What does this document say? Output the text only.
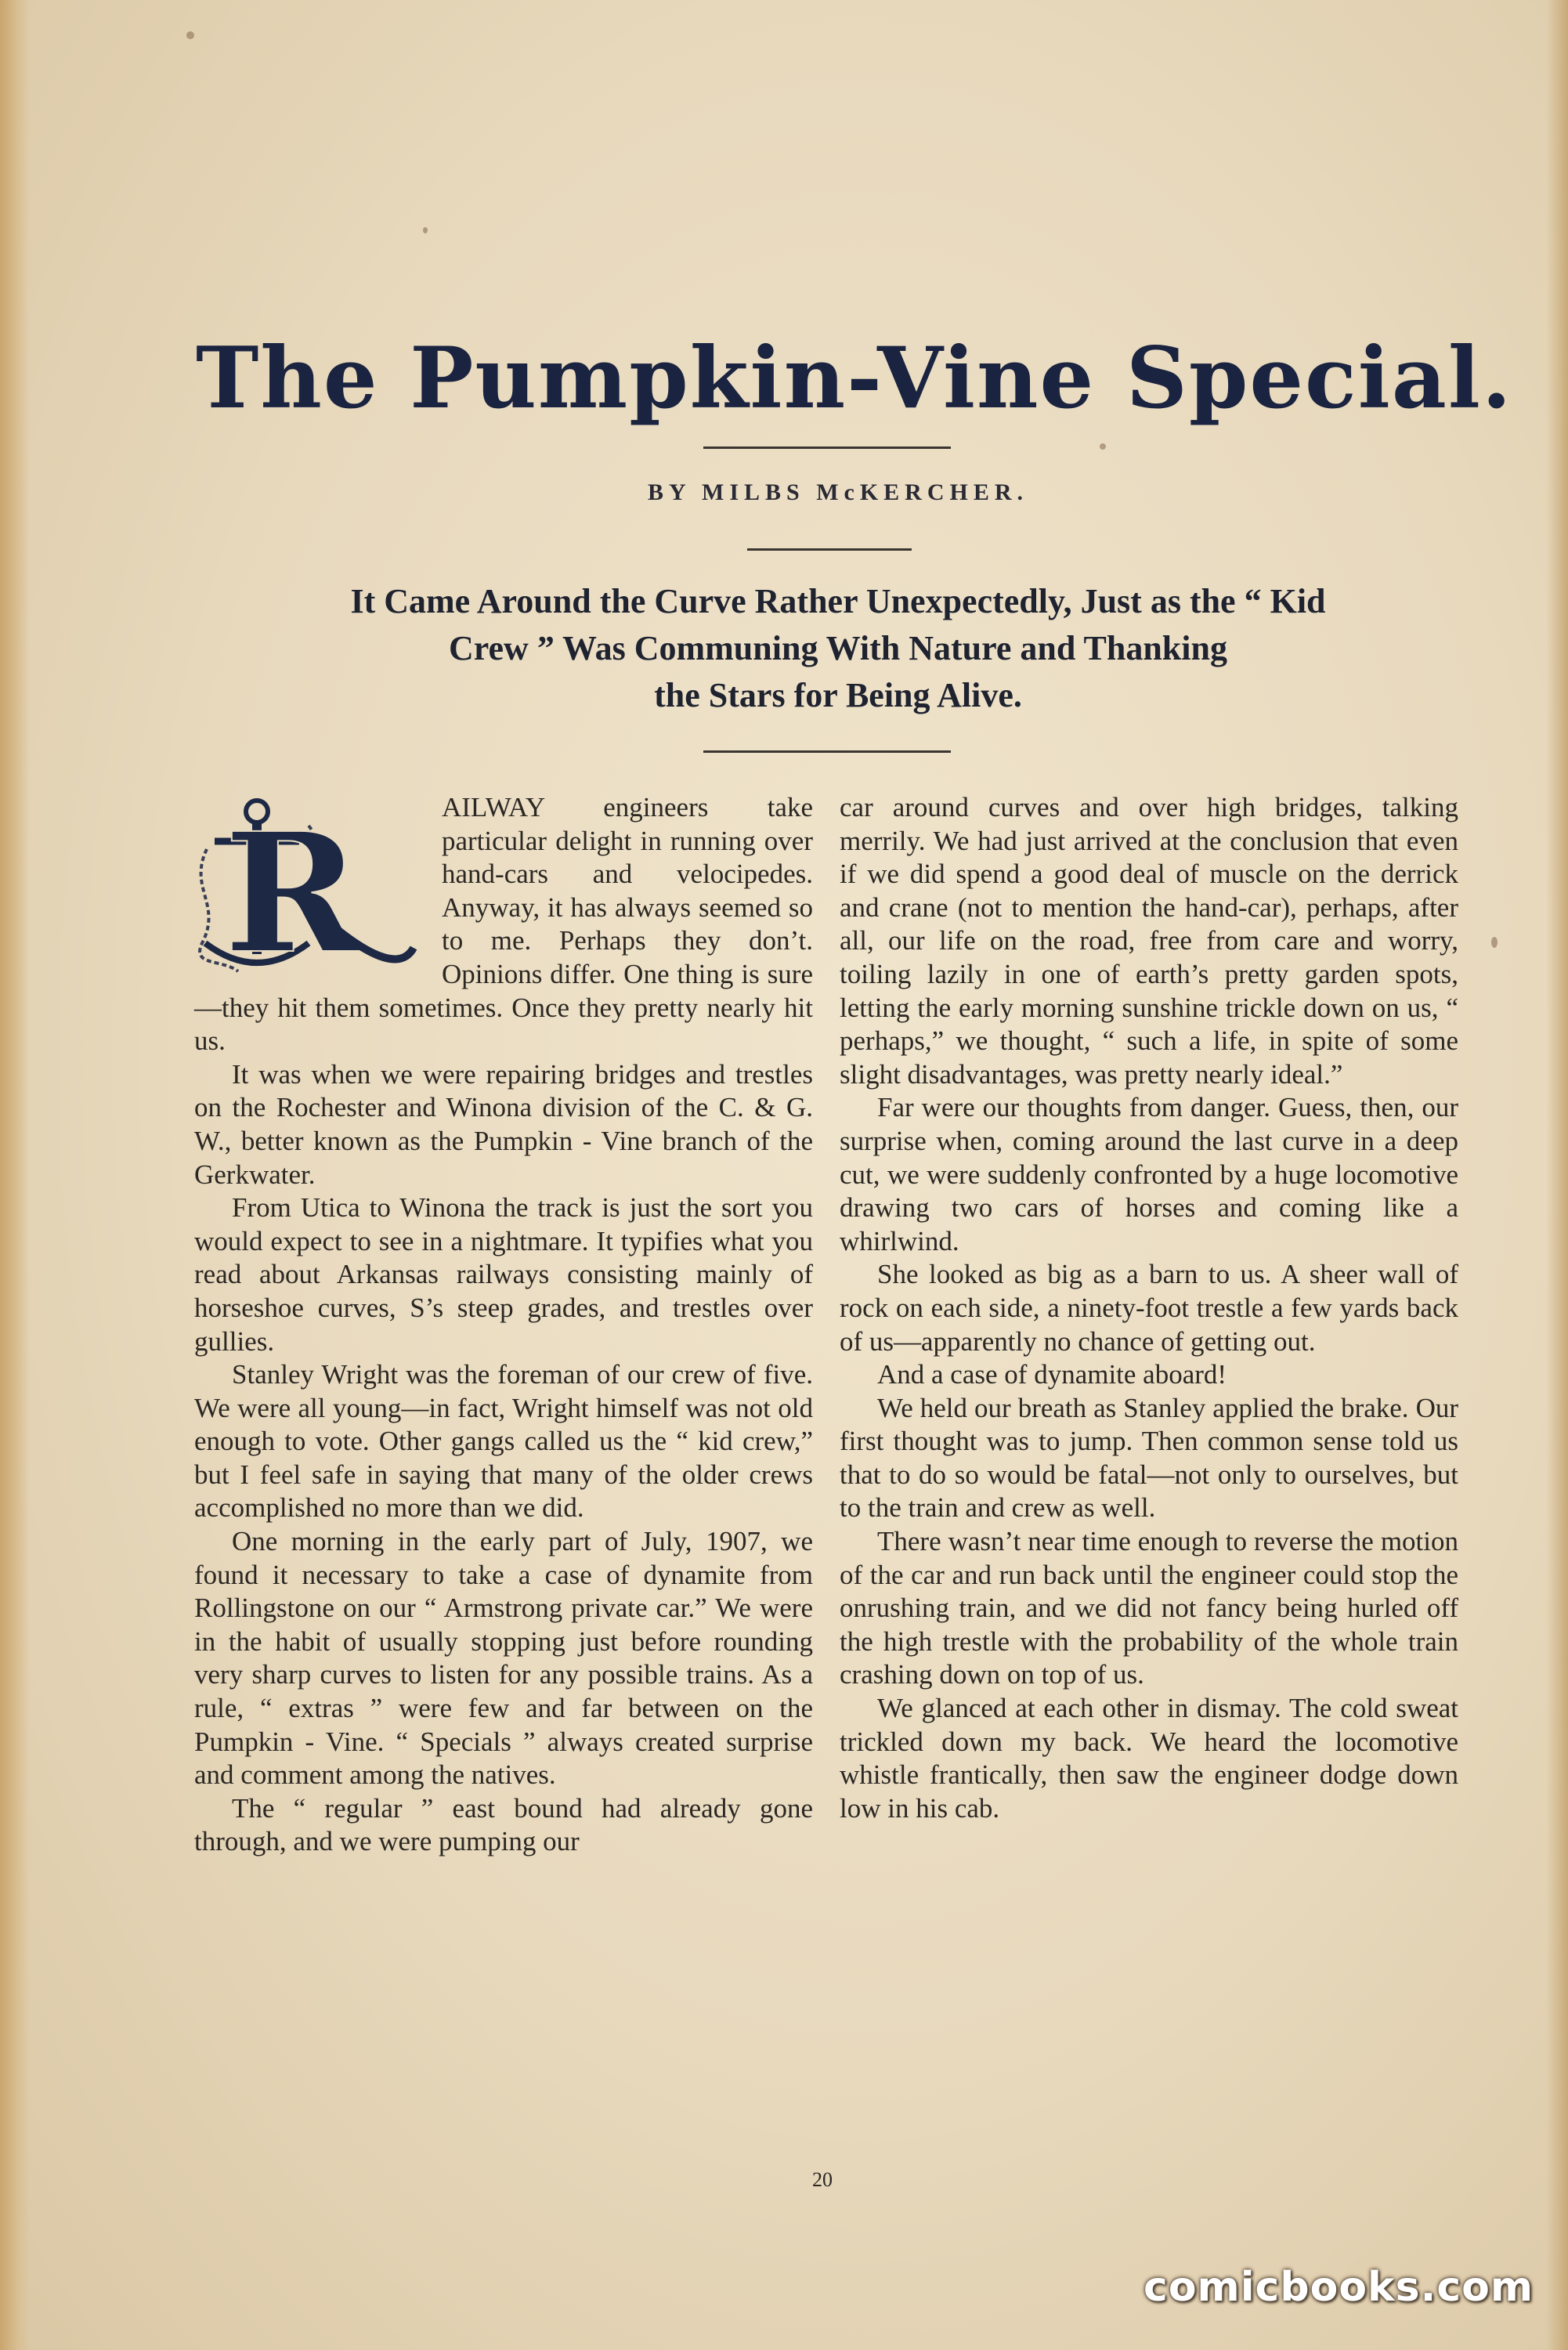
The Pumpkin-Vine Special.
BY MILBS McKERCHER.
It Came Around the Curve Rather Unexpectedly, Just as the “ Kid
Crew ” Was Communing With Nature and Thanking
the Stars for Being Alive.
R	AILWAY engineers take particular delight in running over hand-cars and velocipedes. Anyway, it has always seemed so to me. Perhaps they don’t. Opinions differ. One thing is sure—they hit them sometimes. Once they pretty nearly hit us.

It was when we were repairing bridges and trestles on the Rochester and Winona division of the C. & G. W., better known as the Pumpkin - Vine branch of the Gerkwater.

From Utica to Winona the track is just the sort you would expect to see in a nightmare. It typifies what you read about Arkansas railways consisting mainly of horseshoe curves, S’s steep grades, and trestles over gullies.

Stanley Wright was the foreman of our crew of five. We were all young—in fact, Wright himself was not old enough to vote. Other gangs called us the “ kid crew,” but I feel safe in saying that many of the older crews accomplished no more than we did.

One morning in the early part of July, 1907, we found it necessary to take a case of dynamite from Rollingstone on our “ Armstrong private car.” We were in the habit of usually stopping just before rounding very sharp curves to listen for any possible trains. As a rule, “ extras ” were few and far between on the Pumpkin - Vine. “ Specials ” always created surprise and comment among the natives.

The “ regular ” east bound had already gone through, and we were pumping our

car around curves and over high bridges, talking merrily. We had just arrived at the conclusion that even if we did spend a good deal of muscle on the derrick and crane (not to mention the hand-car), perhaps, after all, our life on the road, free from care and worry, toiling lazily in one of earth’s pretty garden spots, letting the early morning sunshine trickle down on us, “ perhaps,” we thought, “ such a life, in spite of some slight disadvantages, was pretty nearly ideal.”

Far were our thoughts from danger. Guess, then, our surprise when, coming around the last curve in a deep cut, we were suddenly confronted by a huge locomotive drawing two cars of horses and coming like a whirlwind.

She looked as big as a barn to us. A sheer wall of rock on each side, a ninety-foot trestle a few yards back of us—apparently no chance of getting out.

And a case of dynamite aboard!

We held our breath as Stanley applied the brake. Our first thought was to jump. Then common sense told us that to do so would be fatal—not only to ourselves, but to the train and crew as well.

There wasn’t near time enough to reverse the motion of the car and run back until the engineer could stop the onrushing train, and we did not fancy being hurled off the high trestle with the probability of the whole train crashing down on top of us.

We glanced at each other in dismay. The cold sweat trickled down my back. We heard the locomotive whistle frantically, then saw the engineer dodge down low in his cab.

20
comicbooks.com
